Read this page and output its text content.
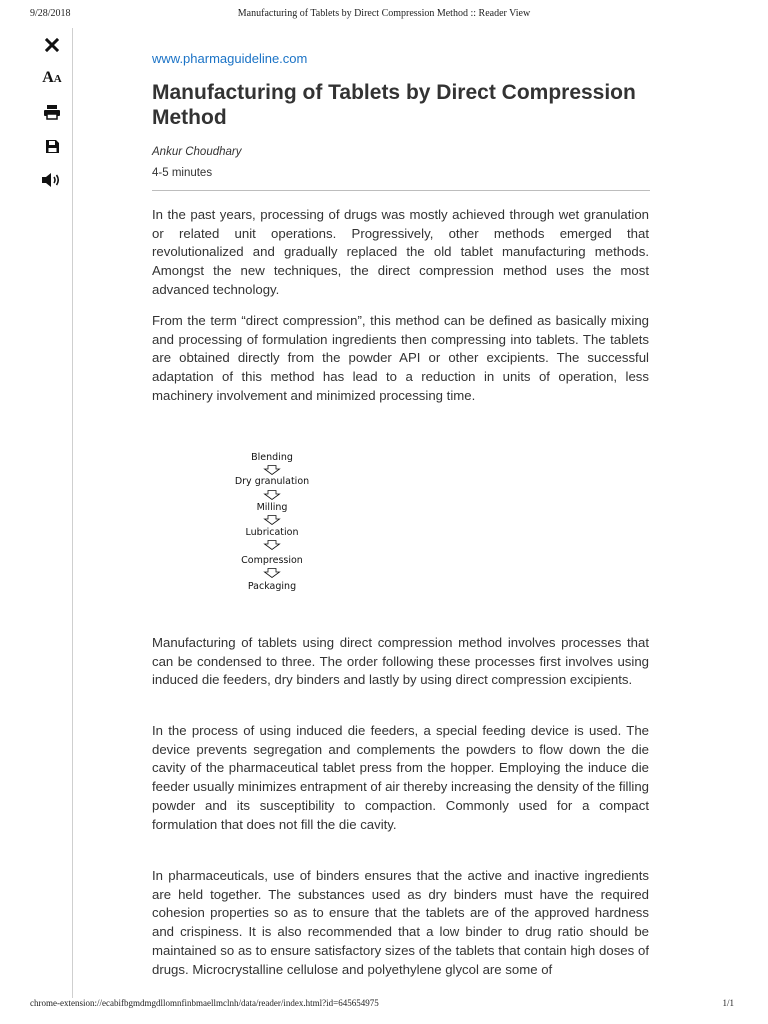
9/28/2018	Manufacturing of Tablets by Direct Compression Method :: Reader View
AA
www.pharmaguideline.com
Manufacturing of Tablets by Direct Compression Method
Ankur Choudhary
4-5 minutes

In the past years, processing of drugs was mostly achieved through wet granulation or related unit operations. Progressively, other methods emerged that revolutionalized and gradually replaced the old tablet manufacturing methods. Amongst the new techniques, the direct compression method uses the most advanced technology.

From the term “direct compression”, this method can be defined as basically mixing and processing of formulation ingredients then compressing into tablets. The tablets are obtained directly from the powder API or other excipients. The successful adaptation of this method has lead to a reduction in units of operation, less machinery involvement and minimized processing time.

Blending
Dry granulation
Milling
Lubrication
Compression
Packaging

Manufacturing of tablets using direct compression method involves processes that can be condensed to three. The order following these processes first involves using induced die feeders, dry binders and lastly by using direct compression excipients.

In the process of using induced die feeders, a special feeding device is used. The device prevents segregation and complements the powders to flow down the die cavity of the pharmaceutical tablet press from the hopper. Employing the induce die feeder usually minimizes entrapment of air thereby increasing the density of the filling powder and its susceptibility to compaction. Commonly used for a compact formulation that does not fill the die cavity.

In pharmaceuticals, use of binders ensures that the active and inactive ingredients are held together. The substances used as dry binders must have the required cohesion properties so as to ensure that the tablets are of the approved hardness and crispiness. It is also recommended that a low binder to drug ratio should be maintained so as to ensure satisfactory sizes of the tablets that contain high doses of drugs. Microcrystalline cellulose and polyethylene glycol are some of

chrome-extension://ecabifbgmdmgdllomnfinbmaellmclnh/data/reader/index.html?id=645654975	1/1
